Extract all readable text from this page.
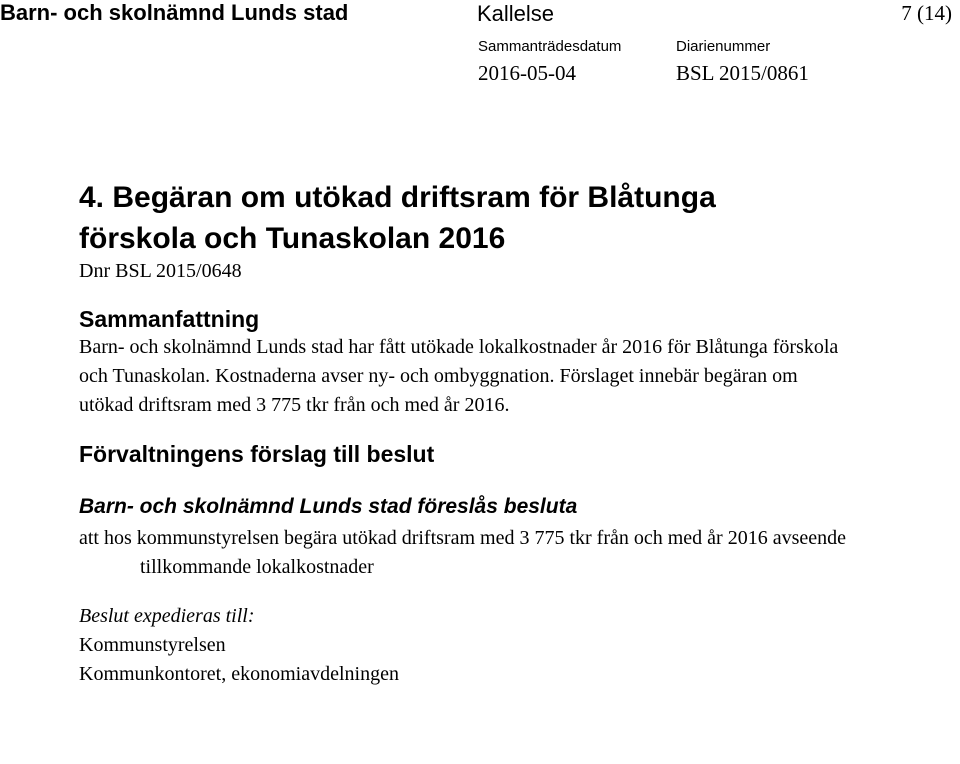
Barn- och skolnämnd Lunds stad	Kallelse	7 (14)
Sammanträdesdatum	Diarienummer
2016-05-04	BSL 2015/0861
4. Begäran om utökad driftsram för Blåtunga
förskola och Tunaskolan 2016

Dnr BSL 2015/0648

Sammanfattning

Barn- och skolnämnd Lunds stad har fått utökade lokalkostnader år 2016 för Blåtunga förskola och Tunaskolan. Kostnaderna avser ny- och ombyggnation. Förslaget innebär begäran om utökad driftsram med 3 775 tkr från och med år 2016.

Förvaltningens förslag till beslut
Barn- och skolnämnd Lunds stad föreslås besluta

att hos kommunstyrelsen begära utökad driftsram med 3 775 tkr från och med år 2016 avseende tillkommande lokalkostnader

Beslut expedieras till:

Kommunstyrelsen

Kommunkontoret, ekonomiavdelningen
